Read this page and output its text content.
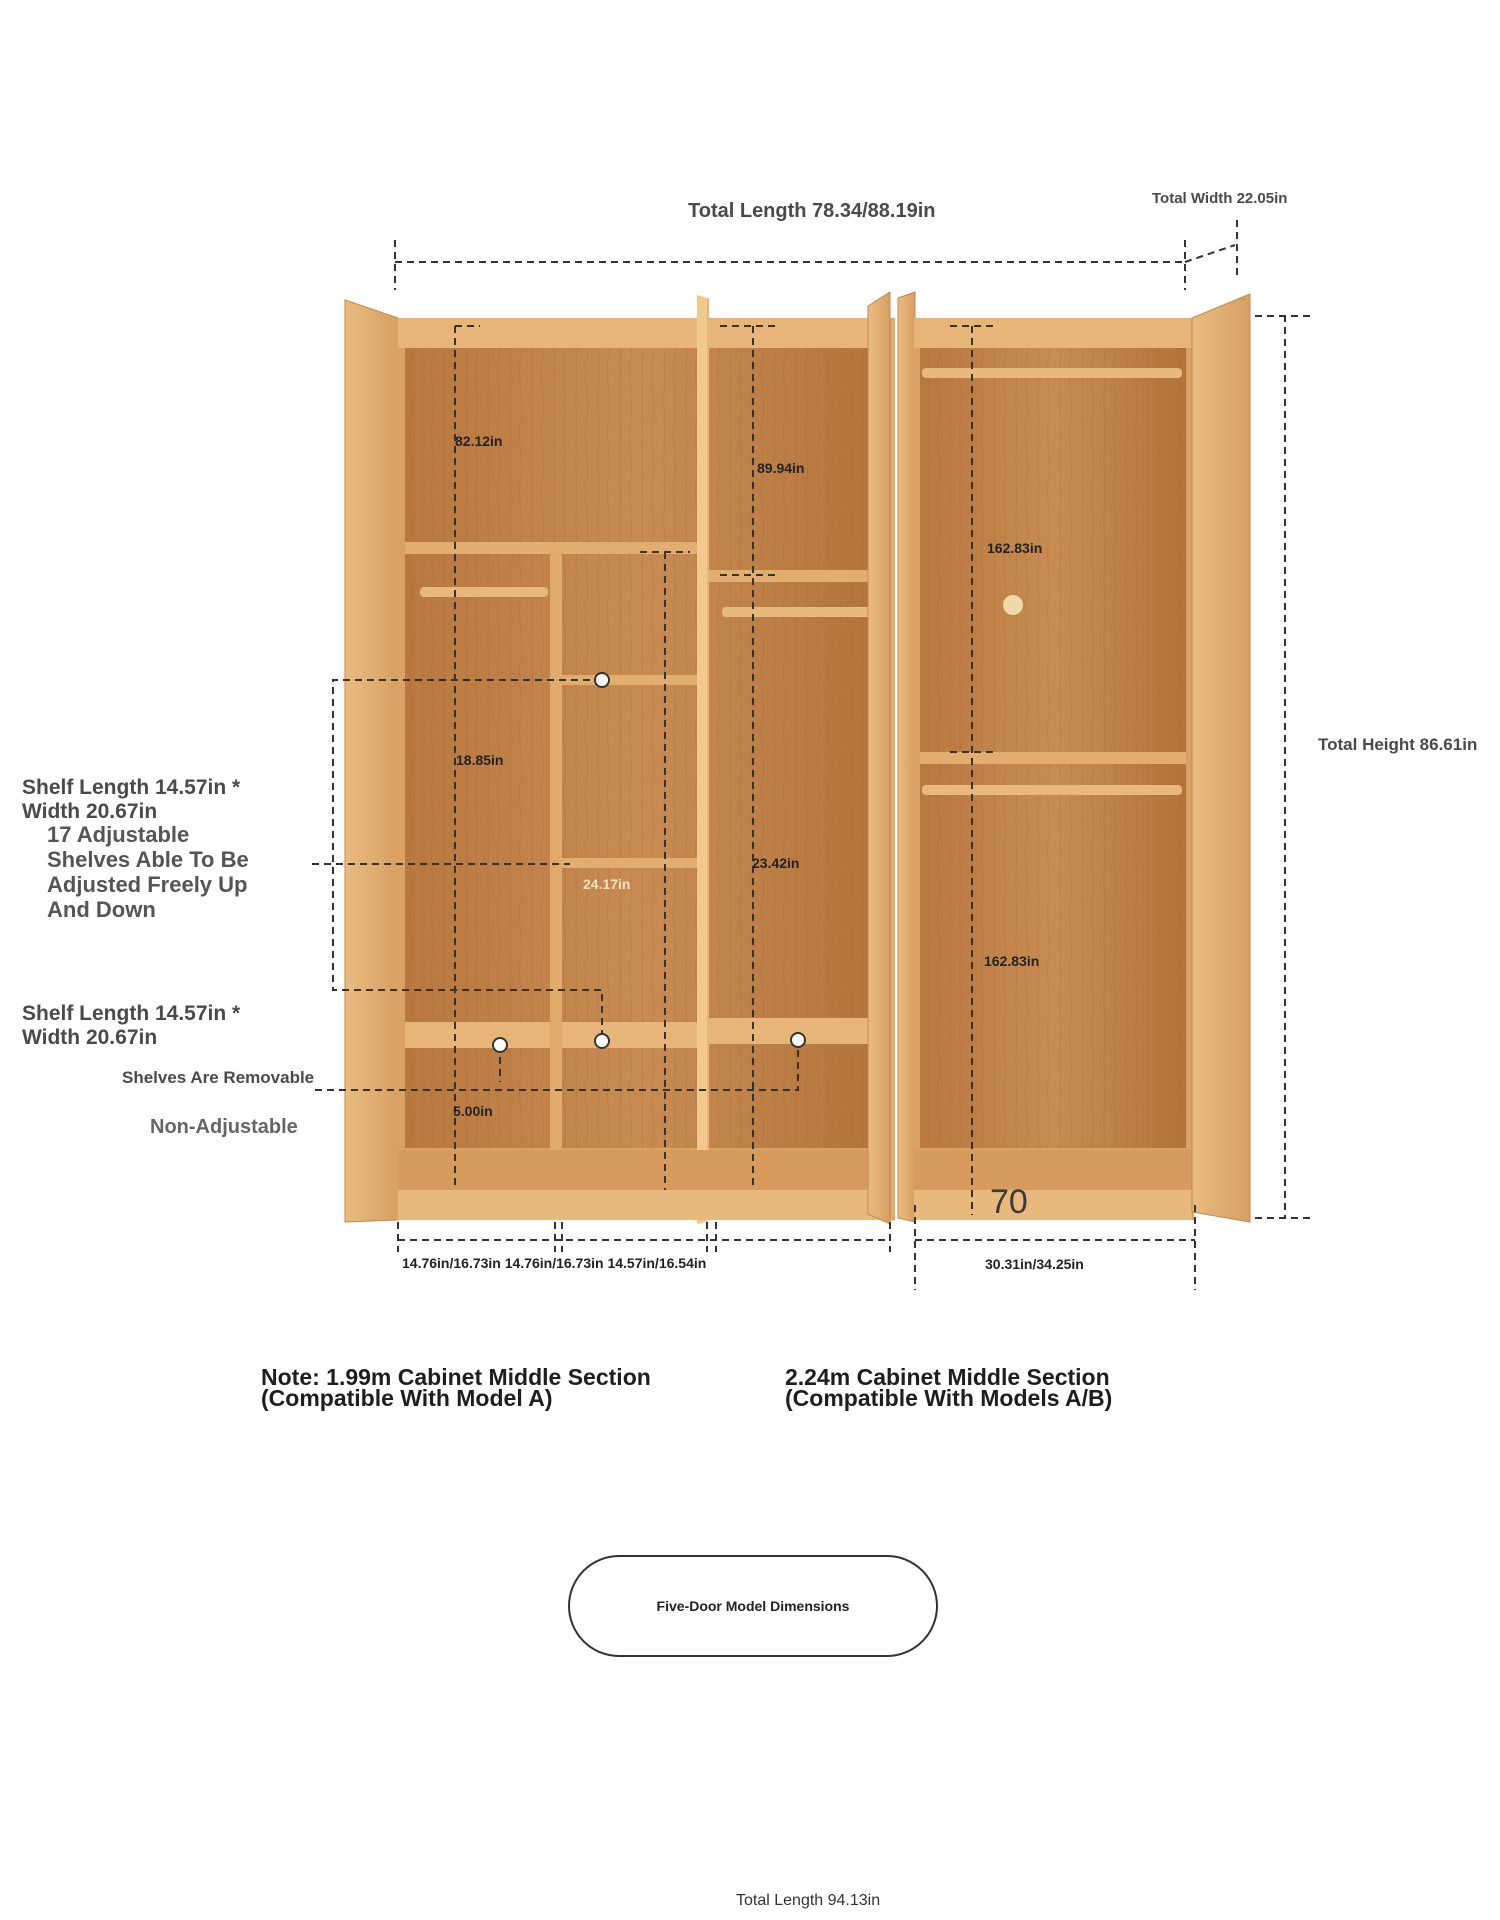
Total Length 78.34/88.19in
Total Width 22.05in
Total Height 86.61in
82.12in
89.94in
162.83in
18.85in
23.42in
24.17in
162.83in
5.00in
14.76in/16.73in 14.76in/16.73in 14.57in/16.54in	30.31in/34.25in
70
Shelf Length 14.57in *
Width 20.67in
17 Adjustable
Shelves Able To Be
Adjusted Freely Up
And Down
Shelf Length 14.57in *
Width 20.67in
Shelves Are Removable
Non-Adjustable
Note: 1.99m Cabinet Middle Section
(Compatible With Model A)
2.24m Cabinet Middle Section
(Compatible With Models A/B)
Five-Door Model Dimensions
Total Length 94.13in
